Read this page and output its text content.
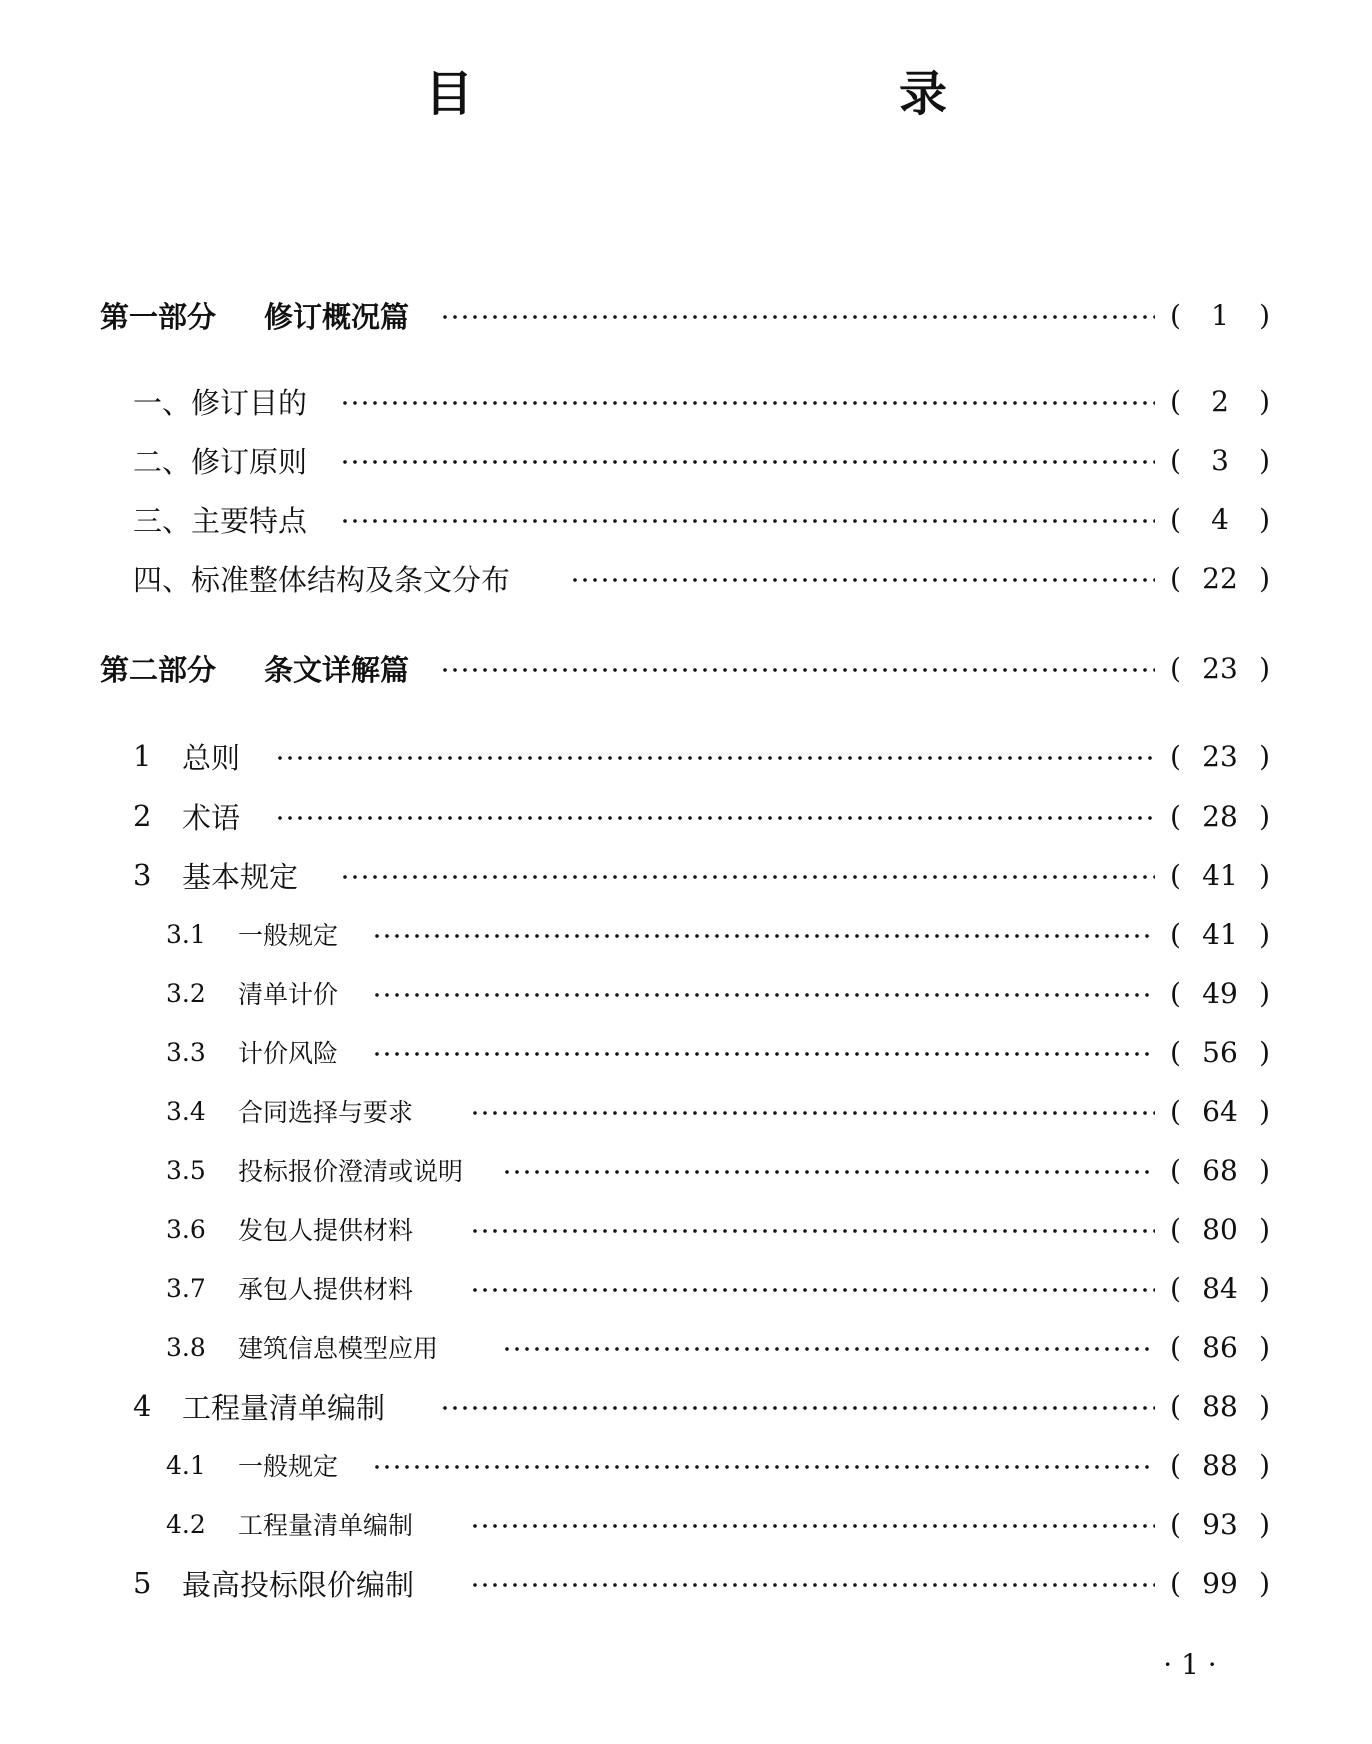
目　　录
第一部分 修订概况篇	(	1	)
一、修订目的	(	2	)
二、修订原则	(	3	)
三、主要特点	(	4	)
四、标准整体结构及条文分布	( 22 )
第二部分 条文详解篇	( 23 )
1 总则	( 23 )
2 术语	( 28 )
3 基本规定	( 41 )
3.1 一般规定	( 41 )
3.2 清单计价	( 49 )
3.3 计价风险	( 56 )
3.4 合同选择与要求	( 64 )
3.5 投标报价澄清或说明	( 68 )
3.6 发包人提供材料	( 80 )
3.7 承包人提供材料	( 84 )
3.8 建筑信息模型应用	( 86 )
4 工程量清单编制	( 88 )
4.1 一般规定	( 88 )
4.2 工程量清单编制	( 93 )
5 最高投标限价编制	( 99 )
· 1 ·
